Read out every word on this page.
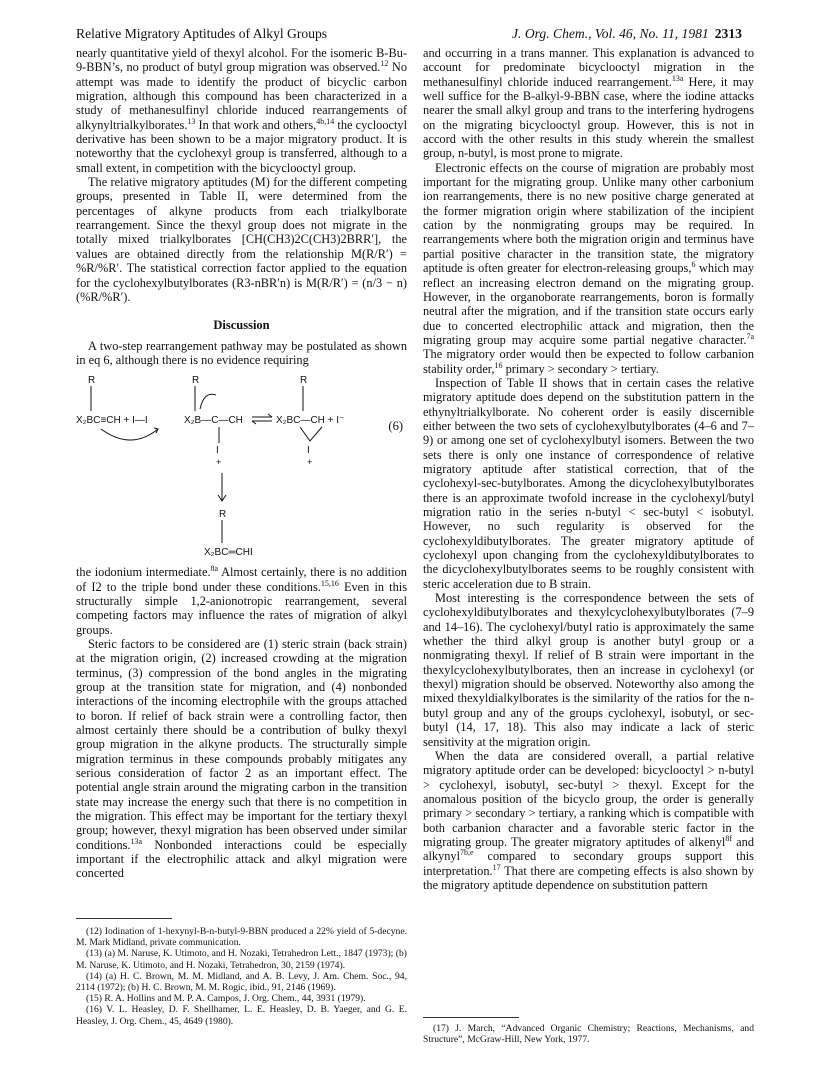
Relative Migratory Aptitudes of Alkyl Groups	J. Org. Chem., Vol. 46, No. 11, 1981 2313

nearly quantitative yield of thexyl alcohol. For the isomeric B-Bu-9-BBN’s, no product of butyl group migration was observed.$^{12}$ No attempt was made to identify the product of bicyclic carbon migration, although this compound has been characterized in a study of methanesulfinyl chloride induced rearrangements of alkynyltrialkylborates.$^{13}$ In that work and others,$^{4b,14}$ the cyclooctyl derivative has been shown to be a major migratory product. It is noteworthy that the cyclohexyl group is transferred, although to a small extent, in competition with the bicyclooctyl group.

The relative migratory aptitudes (M) for the different competing groups, presented in Table II, were determined from the percentages of alkyne products from each trialkylborate rearrangement. Since the thexyl group does not migrate in the totally mixed trialkylborates [CH(CH3)2C(CH3)2BRR′], the values are obtained directly from the relationship M(R/R′) = %R/%R′. The statistical correction factor applied to the equation for the cyclohexylbutylborates (R3-nBR′n) is M(R/R′) = (n/3 − n)(%R/%R′).

Discussion

A two-step rearrangement pathway may be postulated as shown in eq 6, although there is no evidence requiring

R
X₂BC≡CH + I—I
R
X₂B—C—CH
I
+
R
X₂BC—CH + I⁻
I
+
R
X₂BC═CHI
(6)

the iodonium intermediate.$^{8a}$ Almost certainly, there is no addition of I2 to the triple bond under these conditions.$^{15,16}$ Even in this structurally simple 1,2-anionotropic rearrangement, several competing factors may influence the rates of migration of alkyl groups.

Steric factors to be considered are (1) steric strain (back strain) at the migration origin, (2) increased crowding at the migration terminus, (3) compression of the bond angles in the migrating group at the transition state for migration, and (4) nonbonded interactions of the incoming electrophile with the groups attached to boron. If relief of back strain were a controlling factor, then almost certainly there should be a contribution of bulky thexyl group migration in the alkyne products. The structurally simple migration terminus in these compounds probably mitigates any serious consideration of factor 2 as an important effect. The potential angle strain around the migrating carbon in the transition state may increase the energy such that there is no competition in the migration. This effect may be important for the tertiary thexyl group; however, thexyl migration has been observed under similar conditions.$^{13a}$ Nonbonded interactions could be especially important if the electrophilic attack and alkyl migration were concerted

and occurring in a trans manner. This explanation is advanced to account for predominate bicyclooctyl migration in the methanesulfinyl chloride induced rearrangement.$^{13a}$ Here, it may well suffice for the B-alkyl-9-BBN case, where the iodine attacks nearer the small alkyl group and trans to the interfering hydrogens on the migrating bicyclooctyl group. However, this is not in accord with the other results in this study wherein the smallest group, n-butyl, is most prone to migrate.

Electronic effects on the course of migration are probably most important for the migrating group. Unlike many other carbonium ion rearrangements, there is no new positive charge generated at the former migration origin where stabilization of the incipient cation by the nonmigrating groups may be required. In rearrangements where both the migration origin and terminus have partial positive character in the transition state, the migratory aptitude is often greater for electron-releasing groups,$^6$ which may reflect an increasing electron demand on the migrating group. However, in the organoborate rearrangements, boron is formally neutral after the migration, and if the transition state occurs early due to concerted electrophilic attack and migration, then the migrating group may acquire some partial negative character.$^{7a}$ The migratory order would then be expected to follow carbanion stability order,$^{16}$ primary > secondary > tertiary.

Inspection of Table II shows that in certain cases the relative migratory aptitude does depend on the substitution pattern in the ethynyltrialkylborate. No coherent order is easily discernible either between the two sets of cyclohexylbutylborates (4–6 and 7–9) or among one set of cyclohexylbutyl isomers. Between the two sets there is only one instance of correspondence of relative migratory aptitude after statistical correction, that of the cyclohexyl-sec-butylborates. Among the dicyclohexylbutylborates there is an approximate twofold increase in the cyclohexyl/butyl migration ratio in the series n-butyl < sec-butyl < isobutyl. However, no such regularity is observed for the cyclohexyldibutylborates. The greater migratory aptitude of cyclohexyl upon changing from the cyclohexyldibutylborates to the dicyclohexylbutylborates seems to be roughly consistent with steric acceleration due to B strain.

Most interesting is the correspondence between the sets of cyclohexyldibutylborates and thexylcyclohexylbutylborates (7–9 and 14–16). The cyclohexyl/butyl ratio is approximately the same whether the third alkyl group is another butyl group or a nonmigrating thexyl. If relief of B strain were important in the thexylcyclohexylbutylborates, then an increase in cyclohexyl (or thexyl) migration should be observed. Noteworthy also among the mixed thexyldialkylborates is the similarity of the ratios for the n-butyl group and any of the groups cyclohexyl, isobutyl, or sec-butyl (14, 17, 18). This also may indicate a lack of steric sensitivity at the migration origin.

When the data are considered overall, a partial relative migratory aptitude order can be developed: bicyclooctyl > n-butyl > cyclohexyl, isobutyl, sec-butyl > thexyl. Except for the anomalous position of the bicyclo group, the order is generally primary > secondary > tertiary, a ranking which is compatible with both carbanion character and a favorable steric factor in the migrating group. The greater migratory aptitudes of alkenyl$^{8f}$ and alkynyl$^{7b,e}$ compared to secondary groups support this interpretation.$^{17}$ That there are competing effects is also shown by the migratory aptitude dependence on substitution pattern

(12) Iodination of 1-hexynyl-B-n-butyl-9-BBN produced a 22% yield of 5-decyne. M. Mark Midland, private communication.

(13) (a) M. Naruse, K. Utimoto, and H. Nozaki, Tetrahedron Lett., 1847 (1973); (b) M. Naruse, K. Utimoto, and H. Nozaki, Tetrahedron, 30, 2159 (1974).

(14) (a) H. C. Brown, M. M. Midland, and A. B. Levy, J. Am. Chem. Soc., 94, 2114 (1972); (b) H. C. Brown, M. M. Rogic, ibid., 91, 2146 (1969).

(15) R. A. Hollins and M. P. A. Campos, J. Org. Chem., 44, 3931 (1979).

(16) V. L. Heasley, D. F. Shellhamer, L. E. Heasley, D. B. Yaeger, and G. E. Heasley, J. Org. Chem., 45, 4649 (1980).

(17) J. March, “Advanced Organic Chemistry; Reactions, Mechanisms, and Structure”, McGraw-Hill, New York, 1977.
